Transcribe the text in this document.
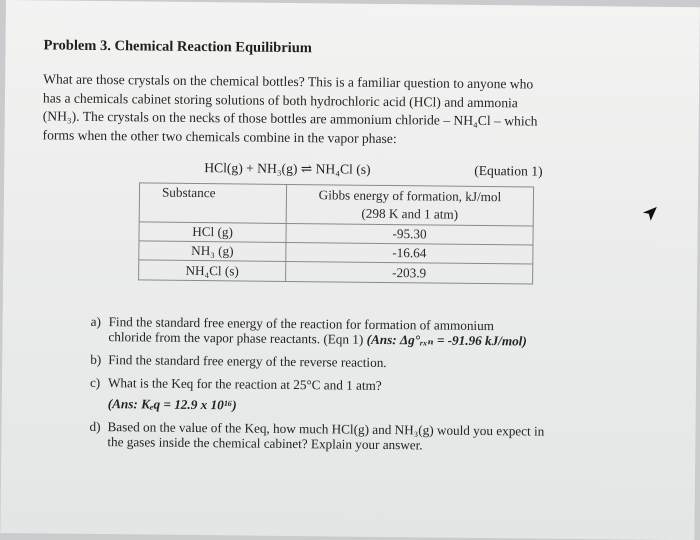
Problem 3. Chemical Reaction Equilibrium
What are those crystals on the chemical bottles? This is a familiar question to anyone who
has a chemicals cabinet storing solutions of both hydrochloric acid (HCl) and ammonia
(NH₃). The crystals on the necks of those bottles are ammonium chloride – NH₄Cl – which
forms when the other two chemicals combine in the vapor phase:
HCl(g) + NH₃(g) ⇌ NH₄Cl (s)	(Equation 1)
Substance	Gibbs energy of formation, kJ/mol
(298 K and 1 atm)

HCl (g)	-95.30
NH₃ (g)	-16.64
NH₄Cl (s)	-203.9
a) Find the standard free energy of the reaction for formation of ammonium
chloride from the vapor phase reactants. (Eqn 1) (Ans: Δg°ᵣₓₙ = -91.96 kJ/mol)
b) Find the standard free energy of the reverse reaction.
c) What is the Keq for the reaction at 25°C and 1 atm?
(Ans: Kₑq = 12.9 x 10¹⁶)
d) Based on the value of the Keq, how much HCl(g) and NH₃(g) would you expect in
the gases inside the chemical cabinet? Explain your answer.
